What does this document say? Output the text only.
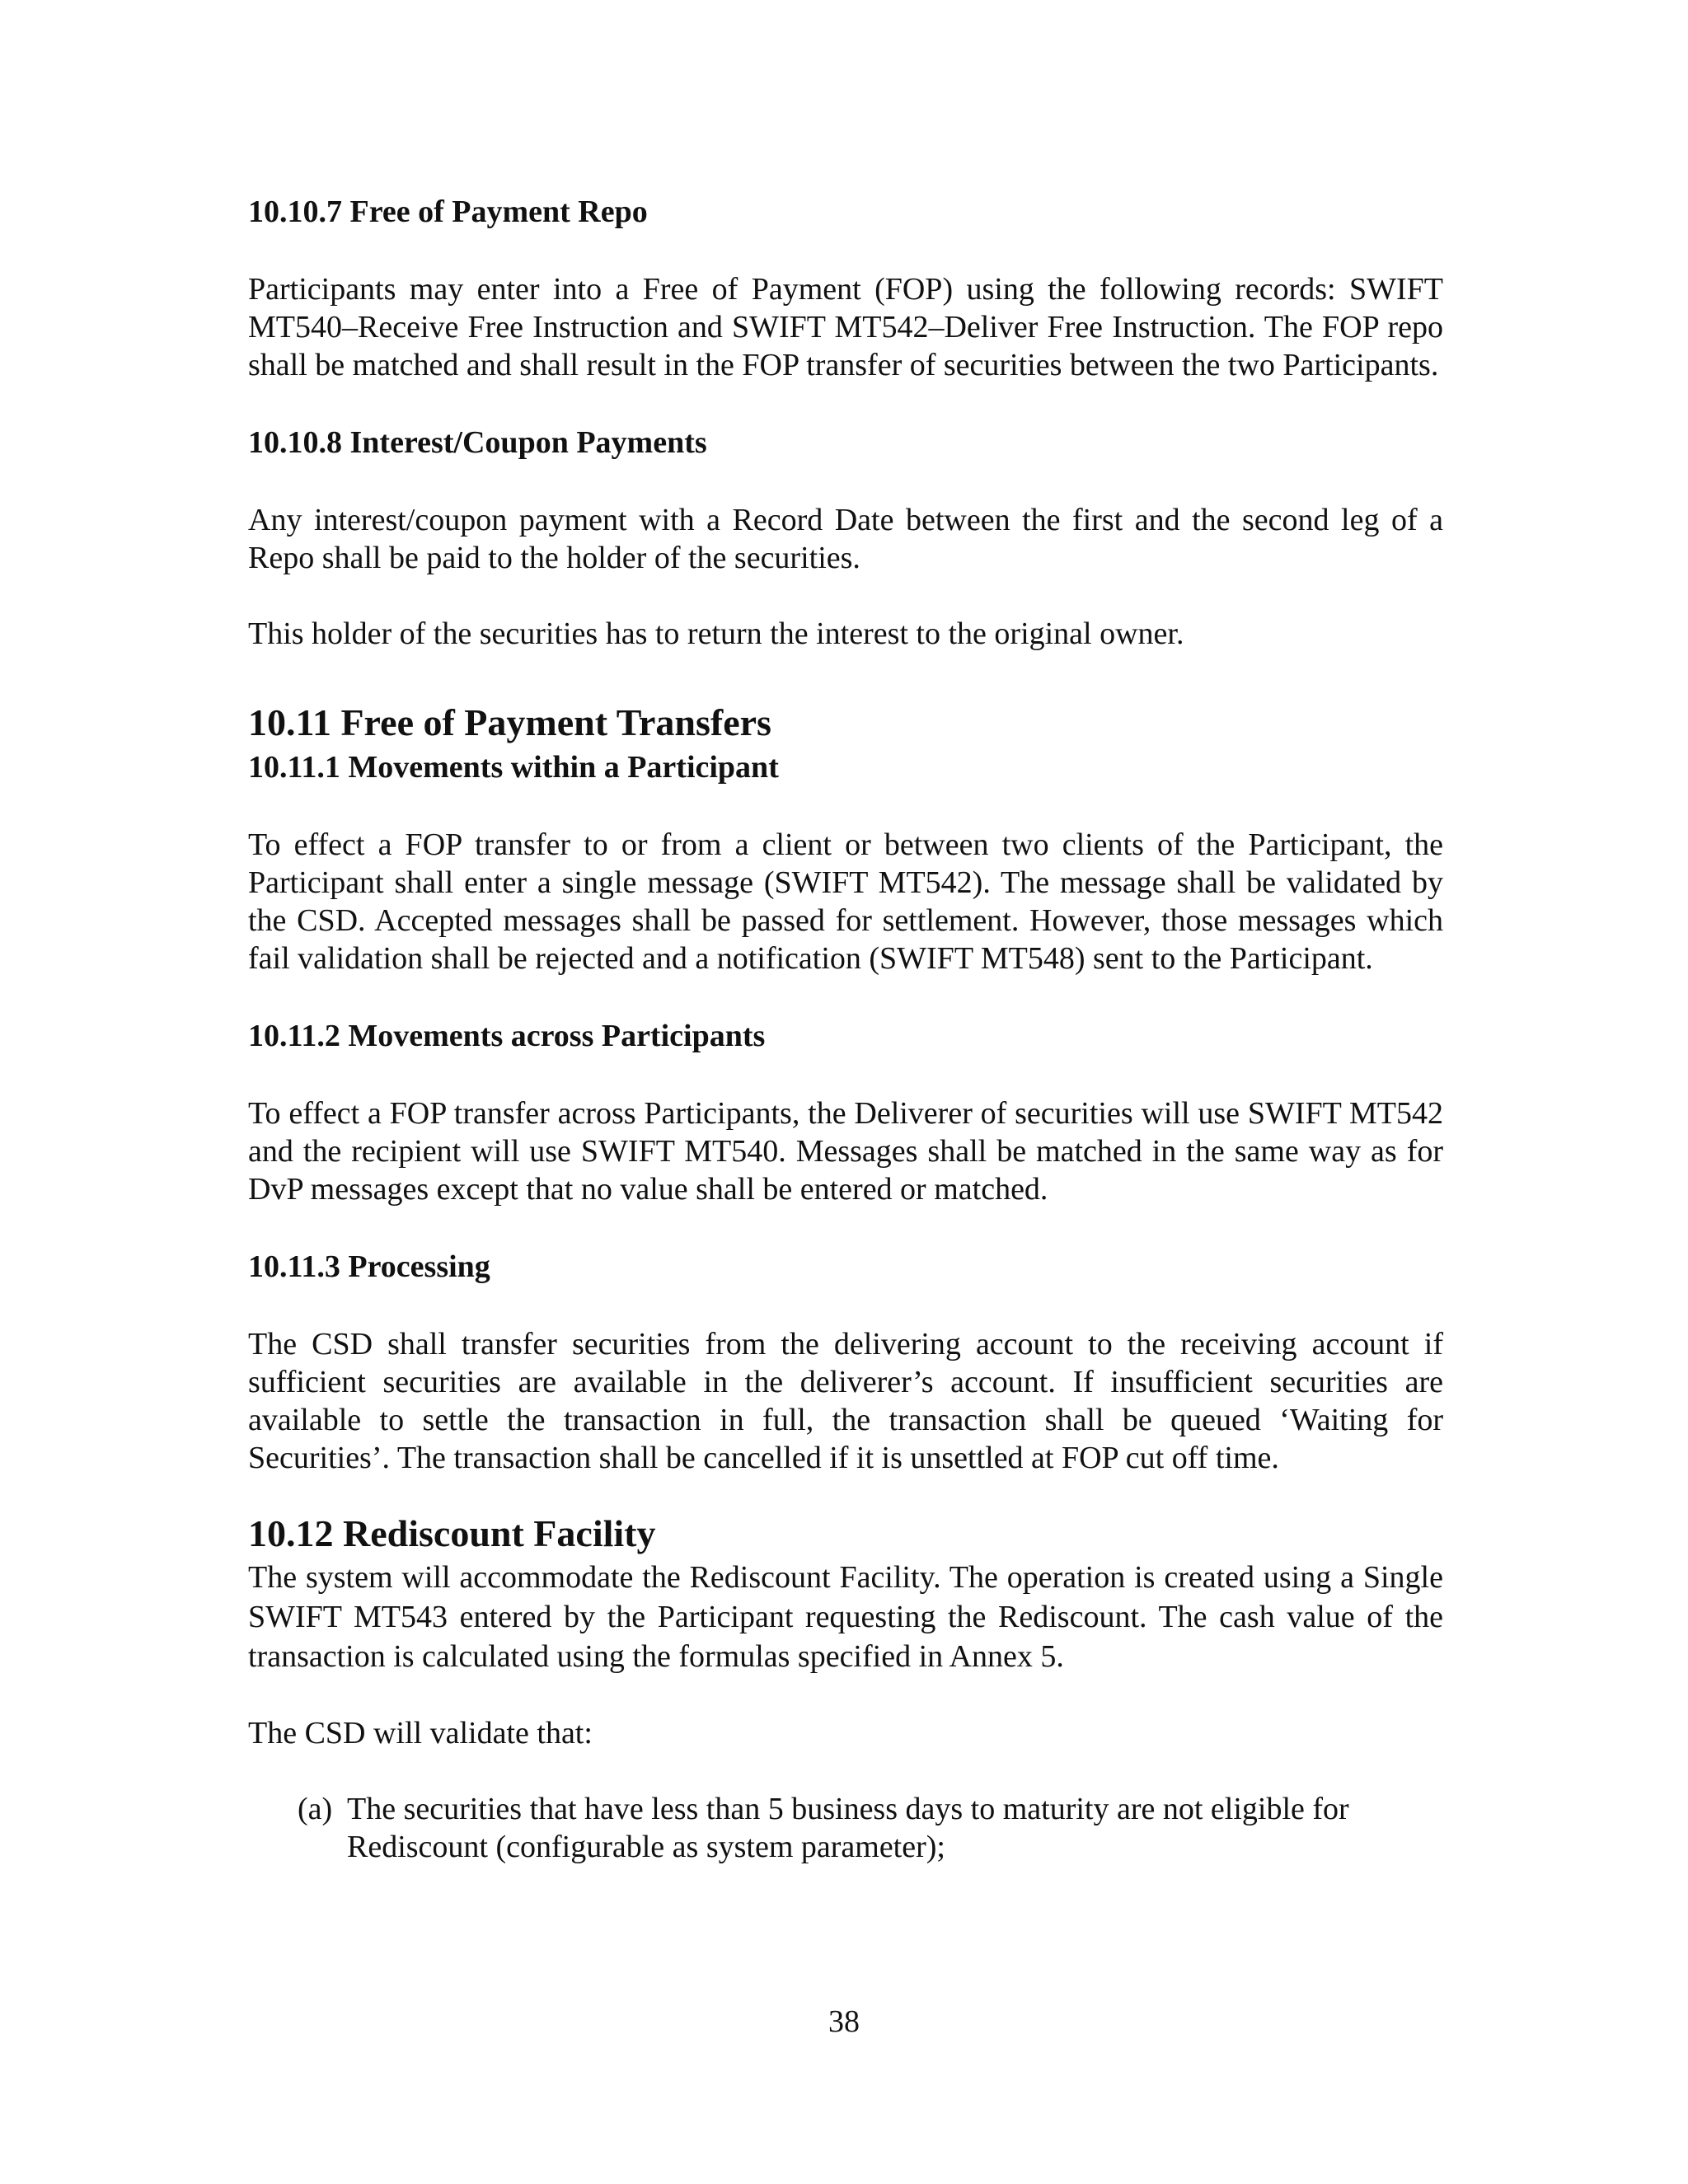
10.10.7 Free of Payment Repo

Participants may enter into a Free of Payment (FOP) using the following records: SWIFT MT540–Receive Free Instruction and SWIFT MT542–Deliver Free Instruction. The FOP repo shall be matched and shall result in the FOP transfer of securities between the two Participants.

10.10.8 Interest/Coupon Payments

Any interest/coupon payment with a Record Date between the first and the second leg of a Repo shall be paid to the holder of the securities.

This holder of the securities has to return the interest to the original owner.

10.11 Free of Payment Transfers
10.11.1 Movements within a Participant

To effect a FOP transfer to or from a client or between two clients of the Participant, the Participant shall enter a single message (SWIFT MT542). The message shall be validated by the CSD. Accepted messages shall be passed for settlement. However, those messages which fail validation shall be rejected and a notification (SWIFT MT548) sent to the Participant.

10.11.2 Movements across Participants

To effect a FOP transfer across Participants, the Deliverer of securities will use SWIFT MT542 and the recipient will use SWIFT MT540. Messages shall be matched in the same way as for DvP messages except that no value shall be entered or matched.

10.11.3 Processing

The CSD shall transfer securities from the delivering account to the receiving account if sufficient securities are available in the deliverer’s account. If insufficient securities are available to settle the transaction in full, the transaction shall be queued ‘Waiting for Securities’. The transaction shall be cancelled if it is unsettled at FOP cut off time.

10.12 Rediscount Facility

The system will accommodate the Rediscount Facility. The operation is created using a Single SWIFT MT543 entered by the Participant requesting the Rediscount. The cash value of the transaction is calculated using the formulas specified in Annex 5.

The CSD will validate that:

(a) The securities that have less than 5 business days to maturity are not eligible for Rediscount (configurable as system parameter);
38
